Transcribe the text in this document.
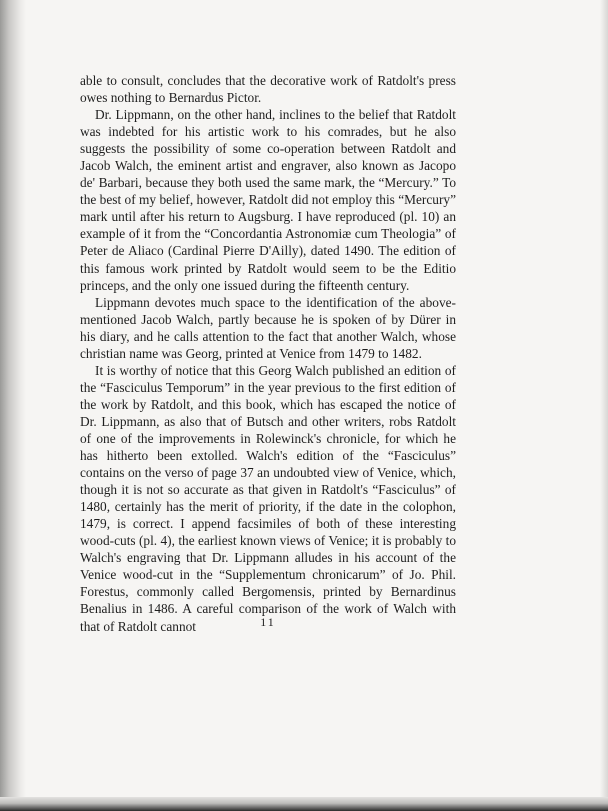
able to consult, concludes that the decorative work of Ratdolt's press owes nothing to Bernardus Pictor.

Dr. Lippmann, on the other hand, inclines to the belief that Ratdolt was indebted for his artistic work to his comrades, but he also suggests the possibility of some co-operation between Ratdolt and Jacob Walch, the eminent artist and engraver, also known as Jacopo de' Barbari, because they both used the same mark, the “Mercury.” To the best of my belief, however, Ratdolt did not employ this “Mercury” mark until after his return to Augsburg. I have reproduced (pl. 10) an example of it from the “Concordantia Astronomiæ cum Theologia” of Peter de Aliaco (Cardinal Pierre D'Ailly), dated 1490. The edition of this famous work printed by Ratdolt would seem to be the Editio princeps, and the only one issued during the fifteenth century.

Lippmann devotes much space to the identification of the above-mentioned Jacob Walch, partly because he is spoken of by Dürer in his diary, and he calls attention to the fact that another Walch, whose christian name was Georg, printed at Venice from 1479 to 1482.

It is worthy of notice that this Georg Walch published an edition of the “Fasciculus Temporum” in the year previous to the first edition of the work by Ratdolt, and this book, which has escaped the notice of Dr. Lippmann, as also that of Butsch and other writers, robs Ratdolt of one of the improvements in Rolewinck's chronicle, for which he has hitherto been extolled. Walch's edition of the “Fasciculus” contains on the verso of page 37 an undoubted view of Venice, which, though it is not so accurate as that given in Ratdolt's “Fasciculus” of 1480, certainly has the merit of priority, if the date in the colophon, 1479, is correct. I append facsimiles of both of these interesting wood-cuts (pl. 4), the earliest known views of Venice; it is probably to Walch's engraving that Dr. Lippmann alludes in his account of the Venice wood-cut in the “Supplementum chronicarum” of Jo. Phil. Forestus, commonly called Bergomensis, printed by Bernardinus Benalius in 1486. A careful comparison of the work of Walch with that of Ratdolt cannot	11
